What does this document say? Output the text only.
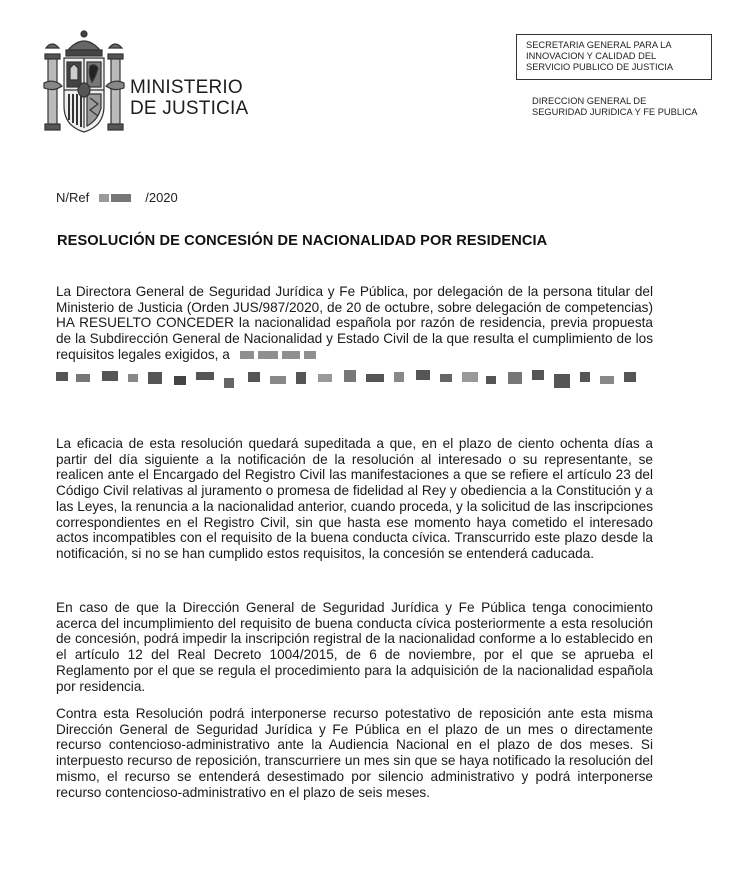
MINISTERIO
DE JUSTICIA
SECRETARIA GENERAL PARA LA
INNOVACION Y CALIDAD DEL
SERVICIO PUBLICO DE JUSTICIA
DIRECCION GENERAL DE
SEGURIDAD JURIDICA Y FE PUBLICA
N/Ref	/2020
RESOLUCIÓN DE CONCESIÓN DE NACIONALIDAD POR RESIDENCIA
La Directora General de Seguridad Jurídica y Fe Pública, por delegación de la persona titular del Ministerio de Justicia (Orden JUS/987/2020, de 20 de octubre, sobre delegación de competencias) HA RESUELTO CONCEDER la nacionalidad española por razón de residencia, previa propuesta de la Subdirección General de Nacionalidad y Estado Civil de la que resulta el cumplimiento de los requisitos legales exigidos, a
La eficacia de esta resolución quedará supeditada a que, en el plazo de ciento ochenta días a partir del día siguiente a la notificación de la resolución al interesado o su representante, se realicen ante el Encargado del Registro Civil las manifestaciones a que se refiere el artículo 23 del Código Civil relativas al juramento o promesa de fidelidad al Rey y obediencia a la Constitución y a las Leyes, la renuncia a la nacionalidad anterior, cuando proceda, y la solicitud de las inscripciones correspondientes en el Registro Civil, sin que hasta ese momento haya cometido el interesado actos incompatibles con el requisito de la buena conducta cívica. Transcurrido este plazo desde la notificación, si no se han cumplido estos requisitos, la concesión se entenderá caducada.
En caso de que la Dirección General de Seguridad Jurídica y Fe Pública tenga conocimiento acerca del incumplimiento del requisito de buena conducta cívica posteriormente a esta resolución de concesión, podrá impedir la inscripción registral de la nacionalidad conforme a lo establecido en el artículo 12 del Real Decreto 1004/2015, de 6 de noviembre, por el que se aprueba el Reglamento por el que se regula el procedimiento para la adquisición de la nacionalidad española por residencia.
Contra esta Resolución podrá interponerse recurso potestativo de reposición ante esta misma Dirección General de Seguridad Jurídica y Fe Pública en el plazo de un mes o directamente recurso contencioso-administrativo ante la Audiencia Nacional en el plazo de dos meses. Si interpuesto recurso de reposición, transcurriere un mes sin que se haya notificado la resolución del mismo, el recurso se entenderá desestimado por silencio administrativo y podrá interponerse recurso contencioso-administrativo en el plazo de seis meses.
